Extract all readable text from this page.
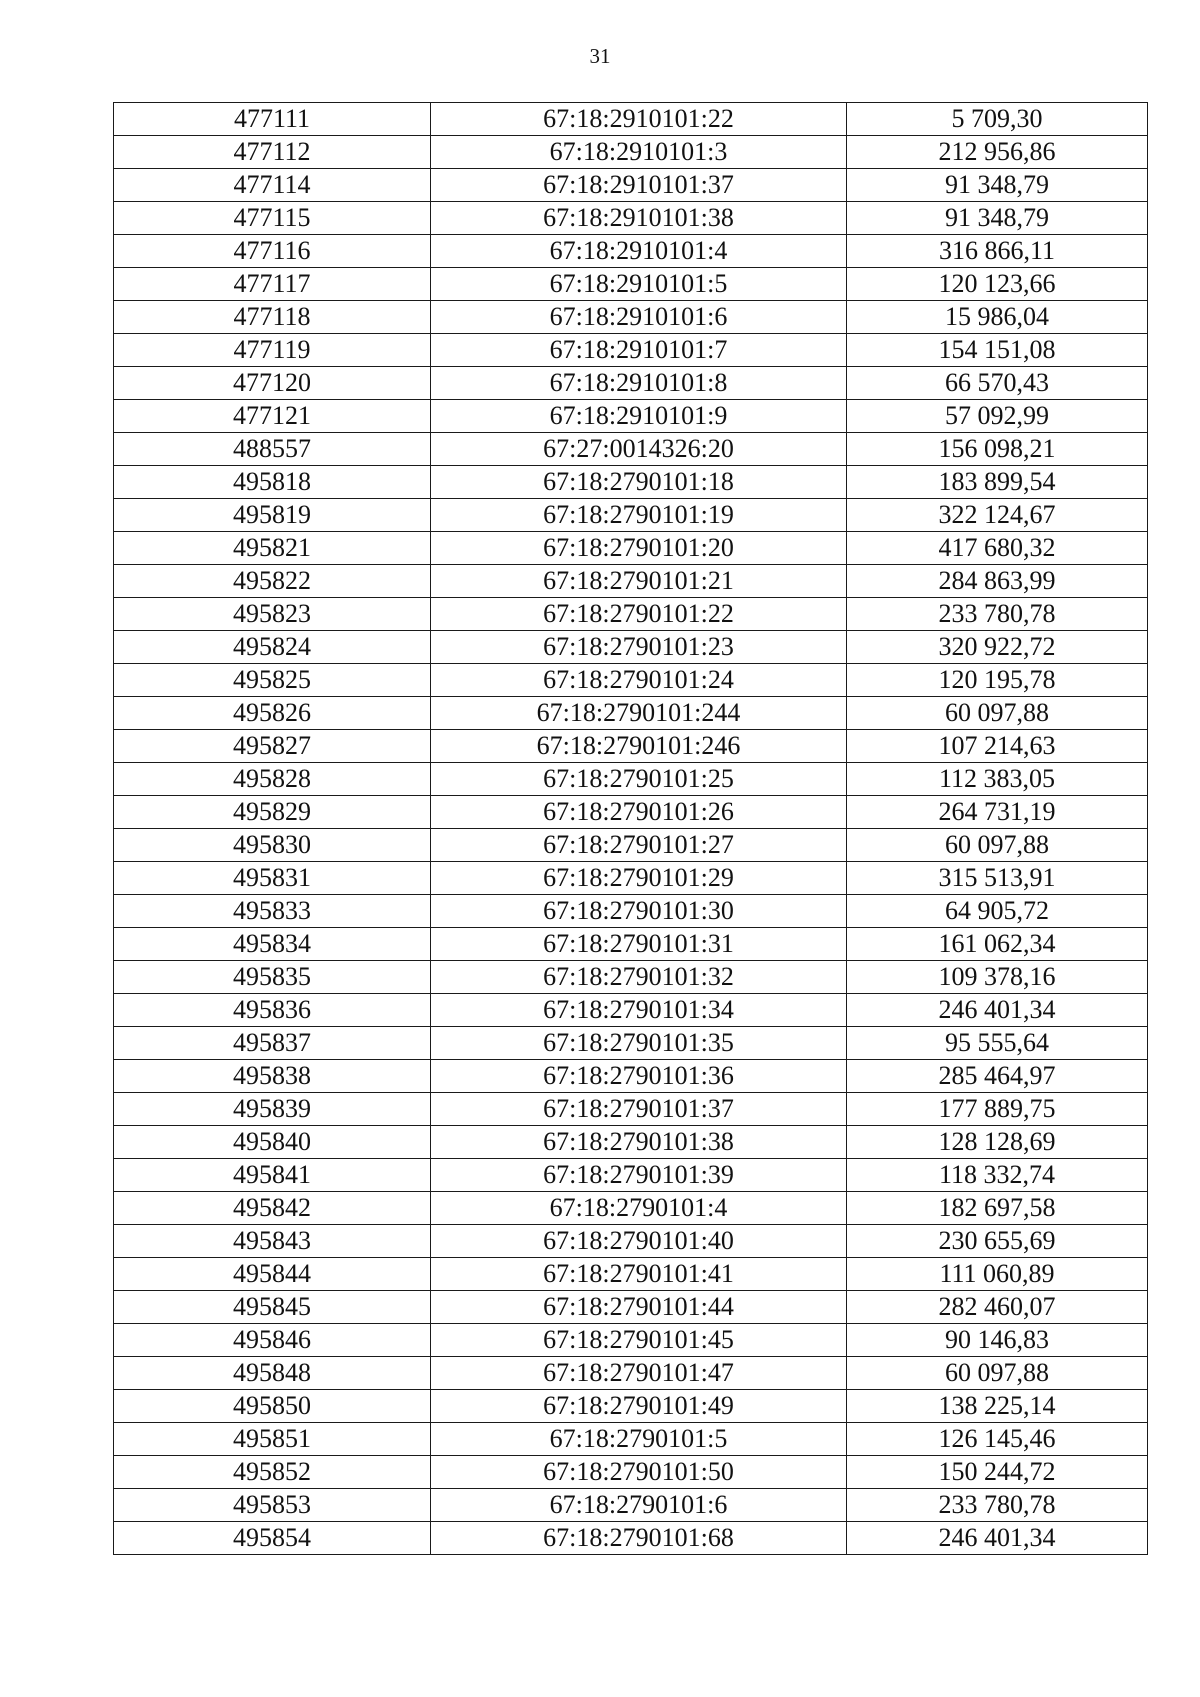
31
477111	67:18:2910101:22	5 709,30
477112	67:18:2910101:3	212 956,86
477114	67:18:2910101:37	91 348,79
477115	67:18:2910101:38	91 348,79
477116	67:18:2910101:4	316 866,11
477117	67:18:2910101:5	120 123,66
477118	67:18:2910101:6	15 986,04
477119	67:18:2910101:7	154 151,08
477120	67:18:2910101:8	66 570,43
477121	67:18:2910101:9	57 092,99
488557	67:27:0014326:20	156 098,21
495818	67:18:2790101:18	183 899,54
495819	67:18:2790101:19	322 124,67
495821	67:18:2790101:20	417 680,32
495822	67:18:2790101:21	284 863,99
495823	67:18:2790101:22	233 780,78
495824	67:18:2790101:23	320 922,72
495825	67:18:2790101:24	120 195,78
495826	67:18:2790101:244	60 097,88
495827	67:18:2790101:246	107 214,63
495828	67:18:2790101:25	112 383,05
495829	67:18:2790101:26	264 731,19
495830	67:18:2790101:27	60 097,88
495831	67:18:2790101:29	315 513,91
495833	67:18:2790101:30	64 905,72
495834	67:18:2790101:31	161 062,34
495835	67:18:2790101:32	109 378,16
495836	67:18:2790101:34	246 401,34
495837	67:18:2790101:35	95 555,64
495838	67:18:2790101:36	285 464,97
495839	67:18:2790101:37	177 889,75
495840	67:18:2790101:38	128 128,69
495841	67:18:2790101:39	118 332,74
495842	67:18:2790101:4	182 697,58
495843	67:18:2790101:40	230 655,69
495844	67:18:2790101:41	111 060,89
495845	67:18:2790101:44	282 460,07
495846	67:18:2790101:45	90 146,83
495848	67:18:2790101:47	60 097,88
495850	67:18:2790101:49	138 225,14
495851	67:18:2790101:5	126 145,46
495852	67:18:2790101:50	150 244,72
495853	67:18:2790101:6	233 780,78
495854	67:18:2790101:68	246 401,34
